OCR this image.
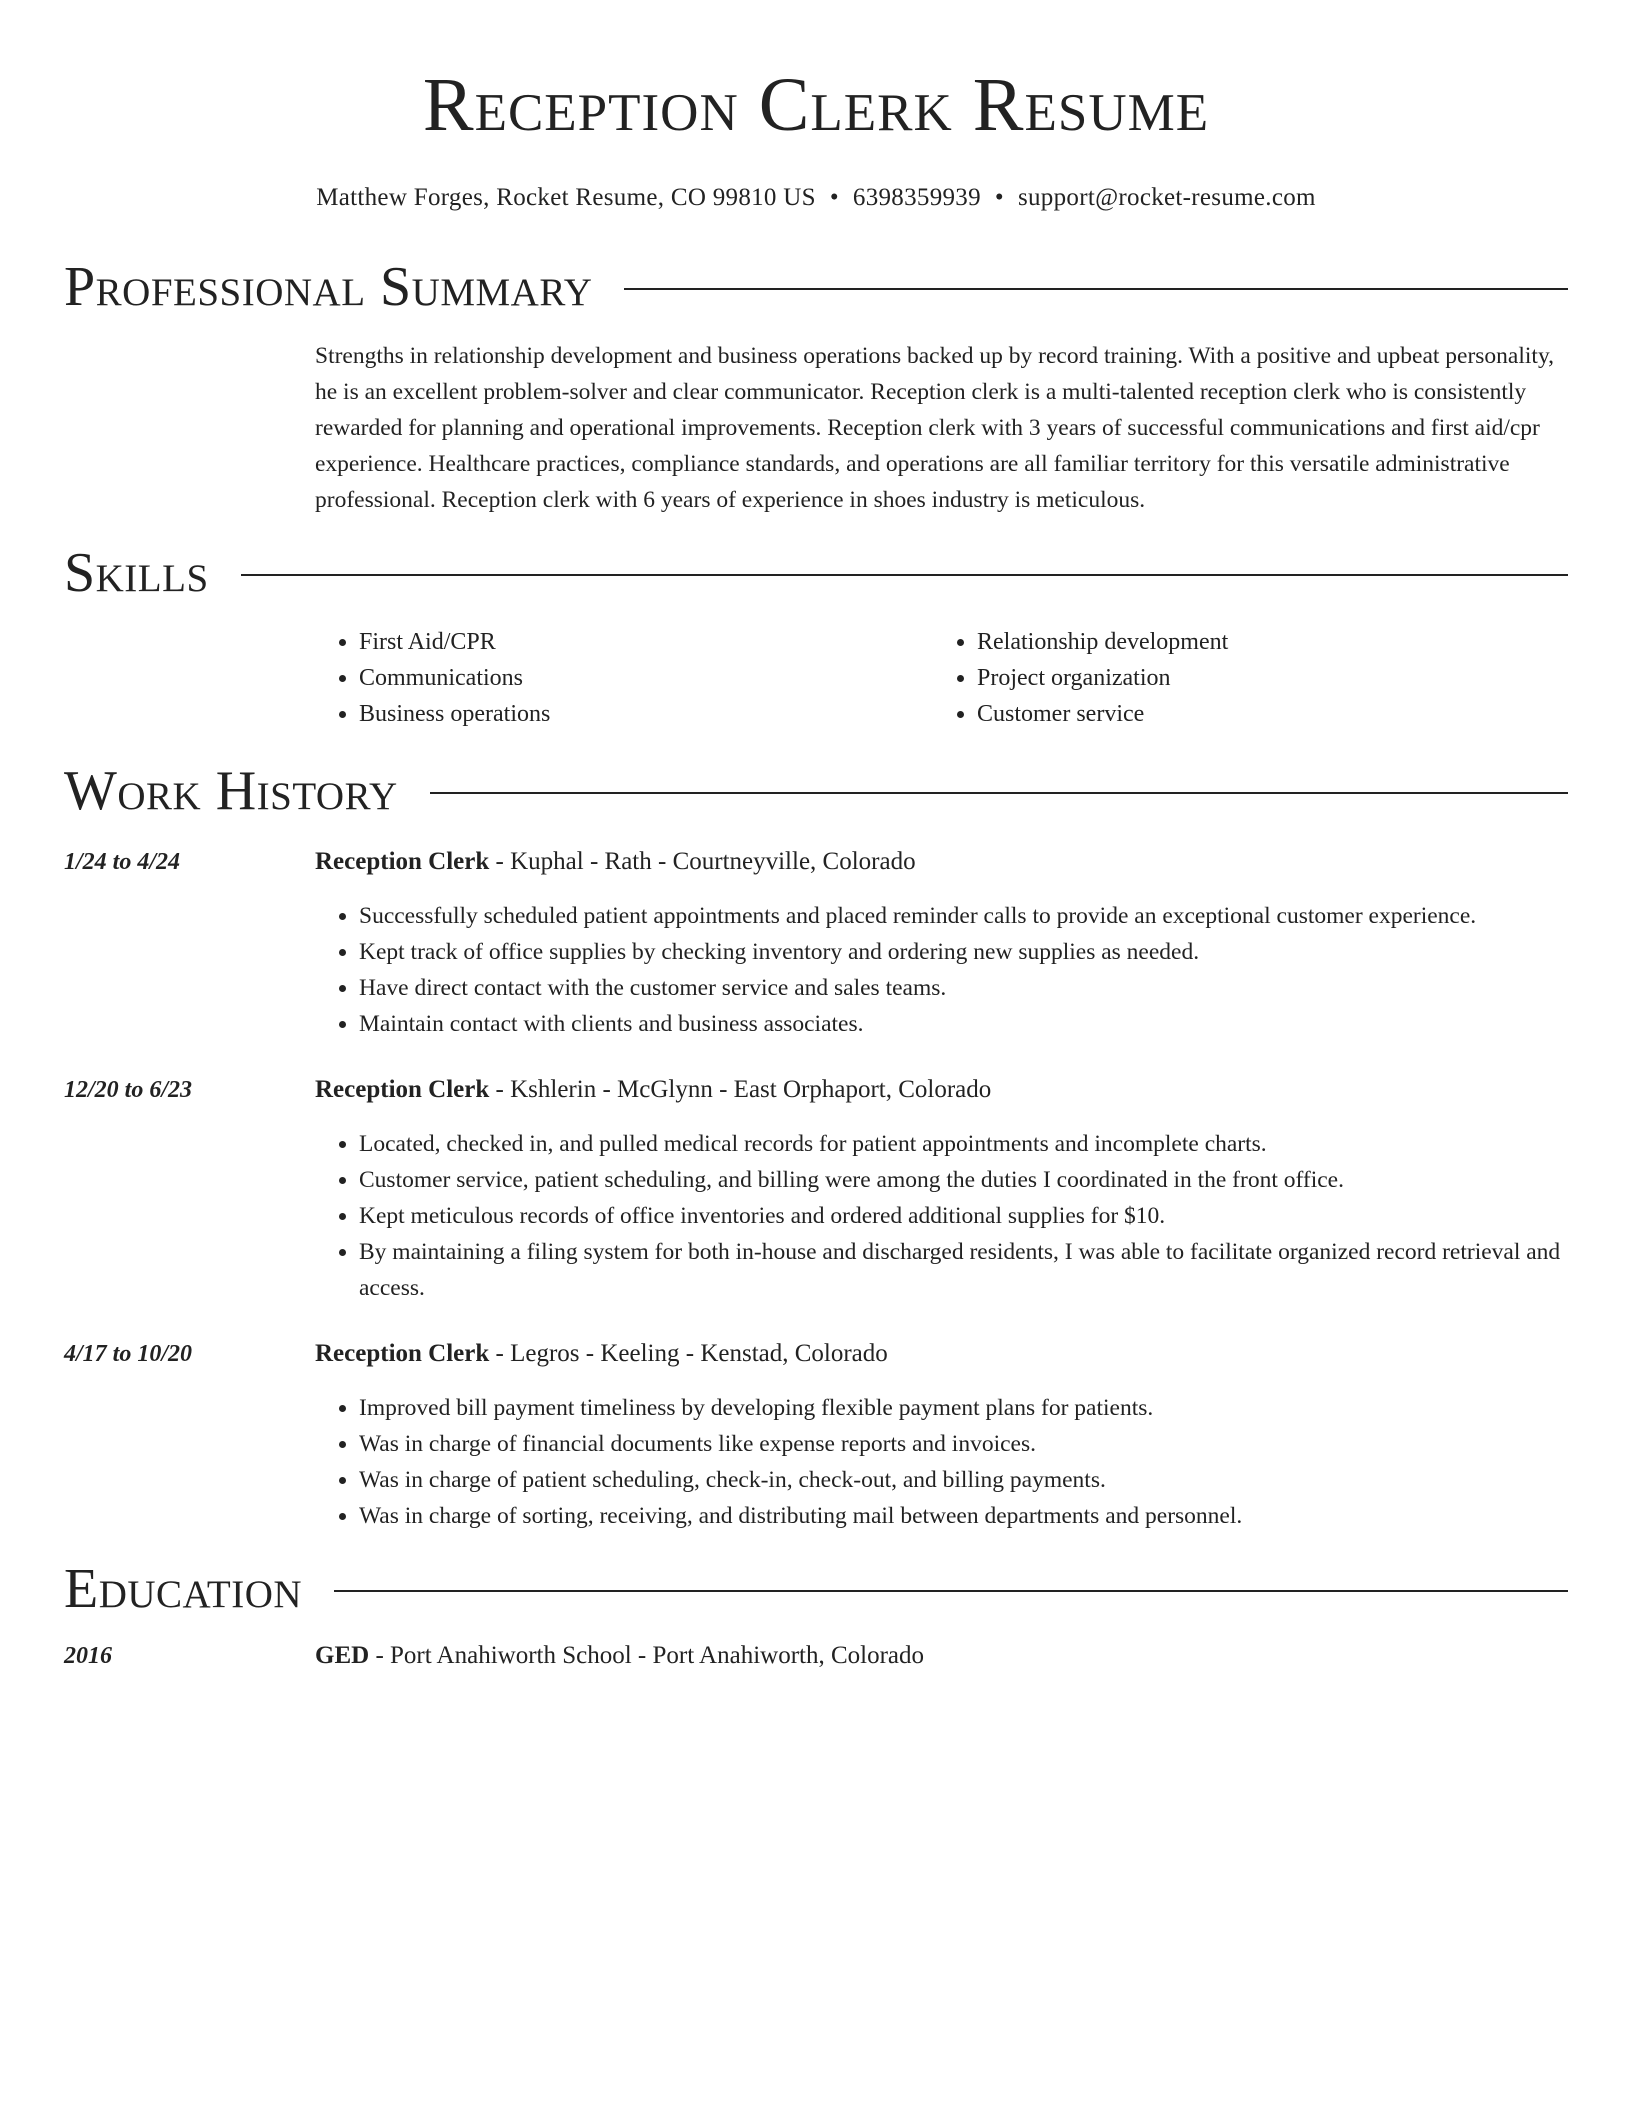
Reception Clerk Resume
Matthew Forges, Rocket Resume, CO 99810 US • 6398359939 • support@rocket-resume.com
Professional Summary
Strengths in relationship development and business operations backed up by record training. With a positive and upbeat personality, he is an excellent problem-solver and clear communicator. Reception clerk is a multi-talented reception clerk who is consistently rewarded for planning and operational improvements. Reception clerk with 3 years of successful communications and first aid/cpr experience. Healthcare practices, compliance standards, and operations are all familiar territory for this versatile administrative professional. Reception clerk with 6 years of experience in shoes industry is meticulous.
Skills
• First Aid/CPR
• Communications
• Business operations
• Relationship development
• Project organization
• Customer service
Work History
1/24 to 4/24	Reception Clerk - Kuphal - Rath - Courtneyville, Colorado
• Successfully scheduled patient appointments and placed reminder calls to provide an exceptional customer experience.
• Kept track of office supplies by checking inventory and ordering new supplies as needed.
• Have direct contact with the customer service and sales teams.
• Maintain contact with clients and business associates.
12/20 to 6/23	Reception Clerk - Kshlerin - McGlynn - East Orphaport, Colorado
• Located, checked in, and pulled medical records for patient appointments and incomplete charts.
• Customer service, patient scheduling, and billing were among the duties I coordinated in the front office.
• Kept meticulous records of office inventories and ordered additional supplies for $10.
• By maintaining a filing system for both in-house and discharged residents, I was able to facilitate organized record retrieval and access.
4/17 to 10/20	Reception Clerk - Legros - Keeling - Kenstad, Colorado
• Improved bill payment timeliness by developing flexible payment plans for patients.
• Was in charge of financial documents like expense reports and invoices.
• Was in charge of patient scheduling, check-in, check-out, and billing payments.
• Was in charge of sorting, receiving, and distributing mail between departments and personnel.
Education
2016	GED - Port Anahiworth School - Port Anahiworth, Colorado
